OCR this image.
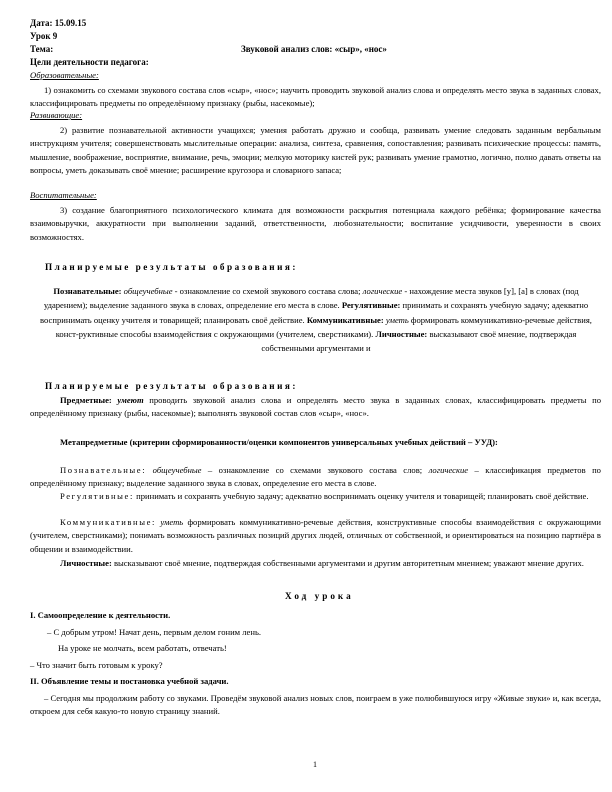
Дата: 15.09.15
Урок 9
Тема:	Звуковой анализ слов: «сыр», «нос»
Цели деятельности педагога:
Образовательные:
1) ознакомить со схемами звукового состава слов «сыр», «нос»; научить проводить звуковой анализ слова и определять место звука в заданных словах, классифицировать предметы по определённому признаку (рыбы, насекомые);
Развивающие:
2) развитие познавательной активности учащихся; умения работать дружно и сообща, развивать умение следовать заданным вербальным инструкциям учителя; совершенствовать мыслительные операции: анализа, синтеза, сравнения, сопоставления; развивать психические процессы: память, мышление, воображение, восприятие, внимание, речь, эмоции; мелкую моторику кистей рук; развивать умение грамотно, логично, полно давать ответы на вопросы, уметь доказывать своё мнение; расширение кругозора и словарного запаса;
Воспитательные:
3) создание благоприятного психологического климата для возможности раскрытия потенциала каждого ребёнка; формирование качества взаимовыручки, аккуратности при выполнении заданий, ответственности, любознательности; воспитание усидчивости, уверенности в своих возможностях.
Планируемые результаты образования:
Познавательные: общеучебные - ознакомление со схемой звукового состава слова; логические - нахождение места звуков [у], [а] в словах (под ударением); выделение заданного звука в словах, определение его места в слове. Регулятивные: принимать и сохранять учебную задачу; адекватно воспринимать оценку учителя и товарищей; планировать своё действие. Коммуникативные: уметь формировать коммуникативно-речевые действия, конст-руктивные способы взаимодействия с окружающими (учителем, сверстниками). Личностные: высказывают своё мнение, подтверждая собственными аргументами и
Планируемые результаты образования:
Предметные: умеют проводить звуковой анализ слова и определять место звука в заданных словах, классифицировать предметы по определённому признаку (рыбы, насекомые); выполнять звуковой состав слов «сыр», «нос».
Метапредметные (критерии сформированности/оценки компонентов универсальных учебных действий – УУД):
Познавательные: общеучебные – ознакомление со схемами звукового состава слов; логические – классификация предметов по определённому признаку; выделение заданного звука в словах, определение его места в слове.
Регулятивные: принимать и сохранять учебную задачу; адекватно воспринимать оценку учителя и товарищей; планировать своё действие.
Коммуникативные: уметь формировать коммуникативно-речевые действия, конструктивные способы взаимодействия с окружающими (учителем, сверстниками); понимать возможность различных позиций других людей, отличных от собственной, и ориентироваться на позицию партнёра в общении и взаимодействии.
Личностные: высказывают своё мнение, подтверждая собственными аргументами и другим авторитетным мнением; уважают мнение других.
Ход урока
I. Самоопределение к деятельности.
– С добрым утром! Начат день, первым делом гоним лень.
На уроке не молчать, всем работать, отвечать!
– Что значит быть готовым к уроку?
II. Объявление темы и постановка учебной задачи.
– Сегодня мы продолжим работу со звуками. Проведём звуковой анализ новых слов, поиграем в уже полюбившуюся игру «Живые звуки» и, как всегда, откроем для себя какую-то новую страницу знаний.
1
